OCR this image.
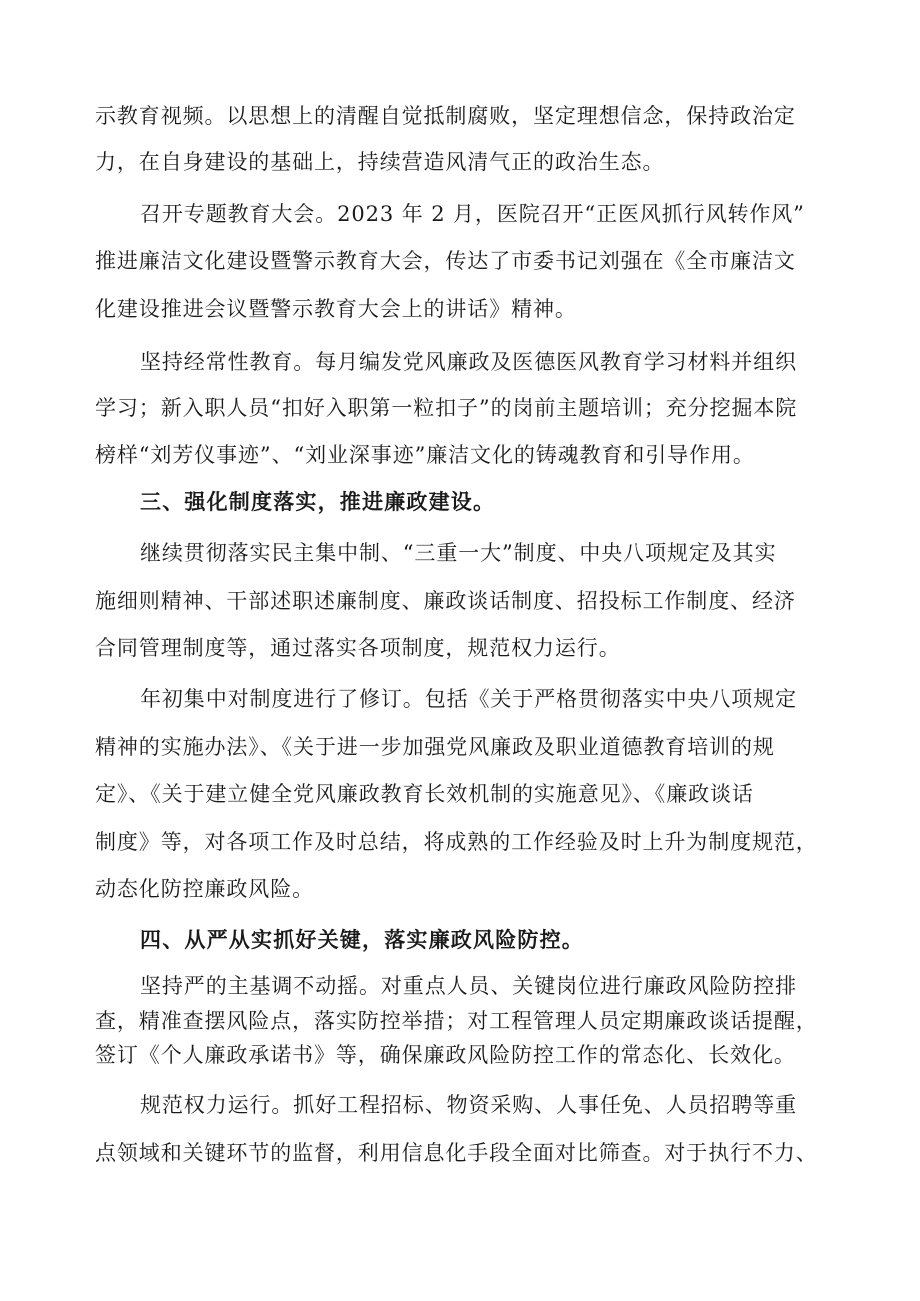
示教育视频。以思想上的清醒自觉抵制腐败，坚定理想信念，保持政治定
力，在自身建设的基础上，持续营造风清气正的政治生态。
召开专题教育大会。2023 年 2 月，医院召开“正医风抓行风转作风”
推进廉洁文化建设暨警示教育大会，传达了市委书记刘强在《全市廉洁文
化建设推进会议暨警示教育大会上的讲话》精神。
坚持经常性教育。每月编发党风廉政及医德医风教育学习材料并组织
学习；新入职人员“扣好入职第一粒扣子”的岗前主题培训；充分挖掘本院
榜样“刘芳仪事迹”、“刘业深事迹”廉洁文化的铸魂教育和引导作用。
三、强化制度落实，推进廉政建设。
继续贯彻落实民主集中制、“三重一大”制度、中央八项规定及其实
施细则精神、干部述职述廉制度、廉政谈话制度、招投标工作制度、经济
合同管理制度等，通过落实各项制度，规范权力运行。
年初集中对制度进行了修订。包括《关于严格贯彻落实中央八项规定
精神的实施办法》、《关于进一步加强党风廉政及职业道德教育培训的规
定》、《关于建立健全党风廉政教育长效机制的实施意见》、《廉政谈话
制度》等，对各项工作及时总结，将成熟的工作经验及时上升为制度规范，
动态化防控廉政风险。
四、从严从实抓好关键，落实廉政风险防控。
坚持严的主基调不动摇。对重点人员、关键岗位进行廉政风险防控排
查，精准查摆风险点，落实防控举措；对工程管理人员定期廉政谈话提醒，
签订《个人廉政承诺书》等，确保廉政风险防控工作的常态化、长效化。
规范权力运行。抓好工程招标、物资采购、人事任免、人员招聘等重
点领域和关键环节的监督，利用信息化手段全面对比筛查。对于执行不力、
